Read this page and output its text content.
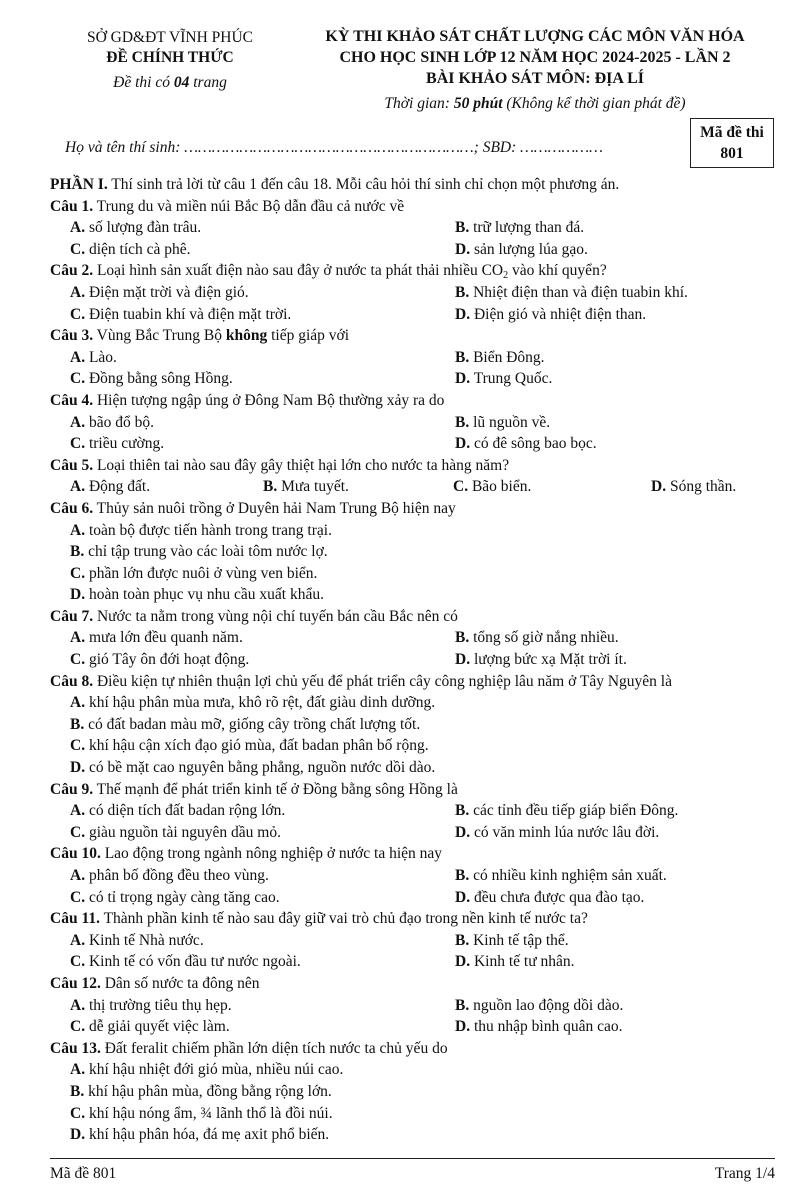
SỞ GD&ĐT VĨNH PHÚC
ĐỀ CHÍNH THỨC
Đề thi có 04 trang
KỲ THI KHẢO SÁT CHẤT LƯỢNG CÁC MÔN VĂN HÓA
CHO HỌC SINH LỚP 12 NĂM HỌC 2024-2025 - LẦN 2
BÀI KHẢO SÁT MÔN: ĐỊA LÍ
Thời gian: 50 phút (Không kể thời gian phát đề)
Họ và tên thí sinh: ………………………………………………………; SBD: ………………
Mã đề thi
801
PHẦN I. Thí sinh trả lời từ câu 1 đến câu 18. Mỗi câu hỏi thí sinh chỉ chọn một phương án.
Câu 1. Trung du và miền núi Bắc Bộ dẫn đầu cả nước về
A. số lượng đàn trâu.	B. trữ lượng than đá.
C. diện tích cà phê.	D. sản lượng lúa gạo.
Câu 2. Loại hình sản xuất điện nào sau đây ở nước ta phát thải nhiều $CO_2$ vào khí quyển?
A. Điện mặt trời và điện gió.	B. Nhiệt điện than và điện tuabin khí.
C. Điện tuabin khí và điện mặt trời.	D. Điện gió và nhiệt điện than.
Câu 3. Vùng Bắc Trung Bộ không tiếp giáp với
A. Lào.	B. Biển Đông.
C. Đồng bằng sông Hồng.	D. Trung Quốc.
Câu 4. Hiện tượng ngập úng ở Đông Nam Bộ thường xảy ra do
A. bão đổ bộ.	B. lũ nguồn về.
C. triều cường.	D. có đê sông bao bọc.
Câu 5. Loại thiên tai nào sau đây gây thiệt hại lớn cho nước ta hàng năm?
A. Động đất.	B. Mưa tuyết.	C. Bão biển.	D. Sóng thần.
Câu 6. Thủy sản nuôi trồng ở Duyên hải Nam Trung Bộ hiện nay
A. toàn bộ được tiến hành trong trang trại.
B. chỉ tập trung vào các loài tôm nước lợ.
C. phần lớn được nuôi ở vùng ven biển.
D. hoàn toàn phục vụ nhu cầu xuất khẩu.
Câu 7. Nước ta nằm trong vùng nội chí tuyến bán cầu Bắc nên có
A. mưa lớn đều quanh năm.	B. tổng số giờ nắng nhiều.
C. gió Tây ôn đới hoạt động.	D. lượng bức xạ Mặt trời ít.
Câu 8. Điều kiện tự nhiên thuận lợi chủ yếu để phát triển cây công nghiệp lâu năm ở Tây Nguyên là
A. khí hậu phân mùa mưa, khô rõ rệt, đất giàu dinh dưỡng.
B. có đất badan màu mỡ, giống cây trồng chất lượng tốt.
C. khí hậu cận xích đạo gió mùa, đất badan phân bố rộng.
D. có bề mặt cao nguyên bằng phẳng, nguồn nước dồi dào.
Câu 9. Thế mạnh để phát triển kinh tế ở Đồng bằng sông Hồng là
A. có diện tích đất badan rộng lớn.	B. các tỉnh đều tiếp giáp biển Đông.
C. giàu nguồn tài nguyên dầu mỏ.	D. có văn minh lúa nước lâu đời.
Câu 10. Lao động trong ngành nông nghiệp ở nước ta hiện nay
A. phân bố đồng đều theo vùng.	B. có nhiều kinh nghiệm sản xuất.
C. có tỉ trọng ngày càng tăng cao.	D. đều chưa được qua đào tạo.
Câu 11. Thành phần kinh tế nào sau đây giữ vai trò chủ đạo trong nền kinh tế nước ta?
A. Kinh tế Nhà nước.	B. Kinh tế tập thể.
C. Kinh tế có vốn đầu tư nước ngoài.	D. Kinh tế tư nhân.
Câu 12. Dân số nước ta đông nên
A. thị trường tiêu thụ hẹp.	B. nguồn lao động dồi dào.
C. dễ giải quyết việc làm.	D. thu nhập bình quân cao.
Câu 13. Đất feralit chiếm phần lớn diện tích nước ta chủ yếu do
A. khí hậu nhiệt đới gió mùa, nhiều núi cao.
B. khí hậu phân mùa, đồng bằng rộng lớn.
C. khí hậu nóng ẩm, ¾ lãnh thổ là đồi núi.
D. khí hậu phân hóa, đá mẹ axit phổ biến.
Mã đề 801	Trang 1/4
